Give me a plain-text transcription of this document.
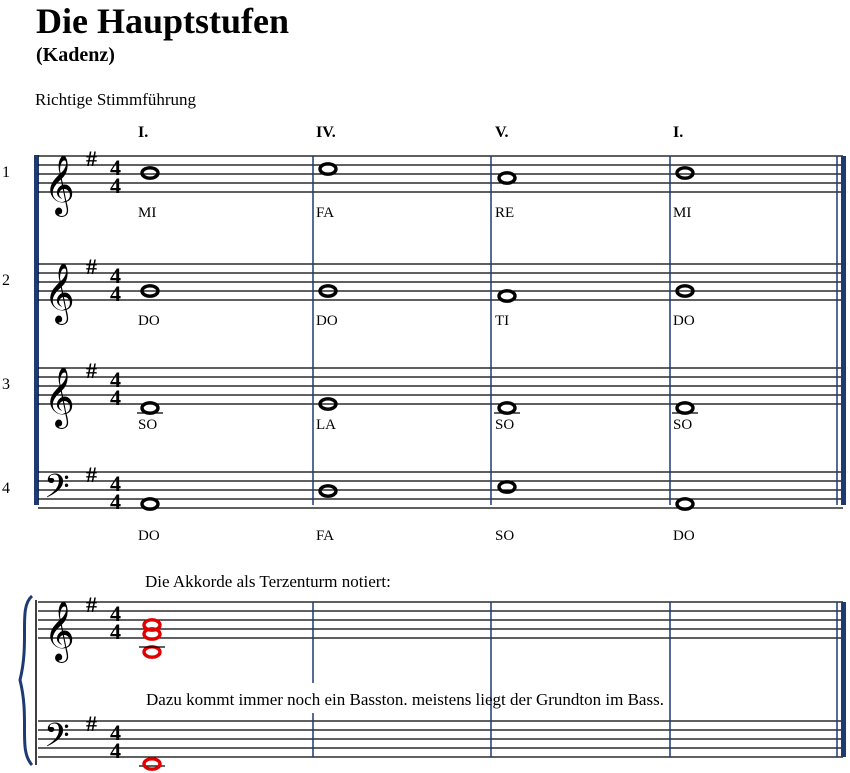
Die Hauptstufen
(Kadenz)
Richtige Stimmführung
I.	IV.	V.	I.
1 𝄞 # 4
4
MI	FA	RE	MI
2 𝄞 # 4
4
DO	DO	TI	DO
3 𝄞 # 4
4
SO	LA	SO	SO
4 𝄢 # 4
4
DO	FA	SO	DO
Die Akkorde als Terzenturm notiert:
𝄞 # 4
4
𝄢 # 4
4
Dazu kommt immer noch ein Basston. meistens liegt der Grundton im Bass.
